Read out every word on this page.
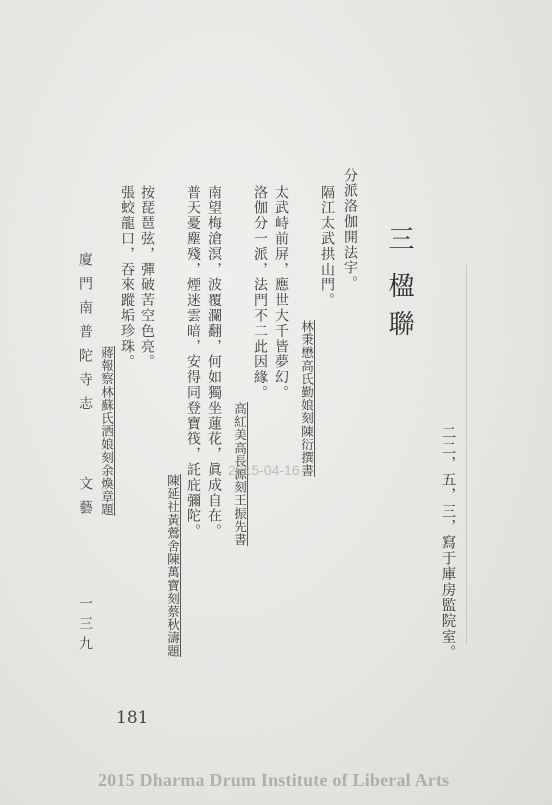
二二，五，三，寫于庫房監院室。
三
楹聯
分派洛伽開法宇。
隔江太武拱山門。
林秉懋高氏勤娘刻陳衍撰書
太武峙前屏，應世大千皆夢幻。
洛伽分一派，法門不二此因緣。
高紅美高長源刻王振先書
南望梅滄溟，波覆瀾翻，何如獨坐蓮花，眞成自在。
普天憂塵殘，煙迷雲暗，安得同登寶筏，託庇彌陀。
陳延社黃鶯舍陳萬寶刻蔡秋濤題
按琵琶弦，彈破苦空色亮。
張蛟龍口，吞來蹤垢珍珠。
蔣報察林蘇氏洒娘刻余煥章題
廈門南普陀寺志
文藝
一三九
181
2015-04-16
2015 Dharma Drum Institute of Liberal Arts
